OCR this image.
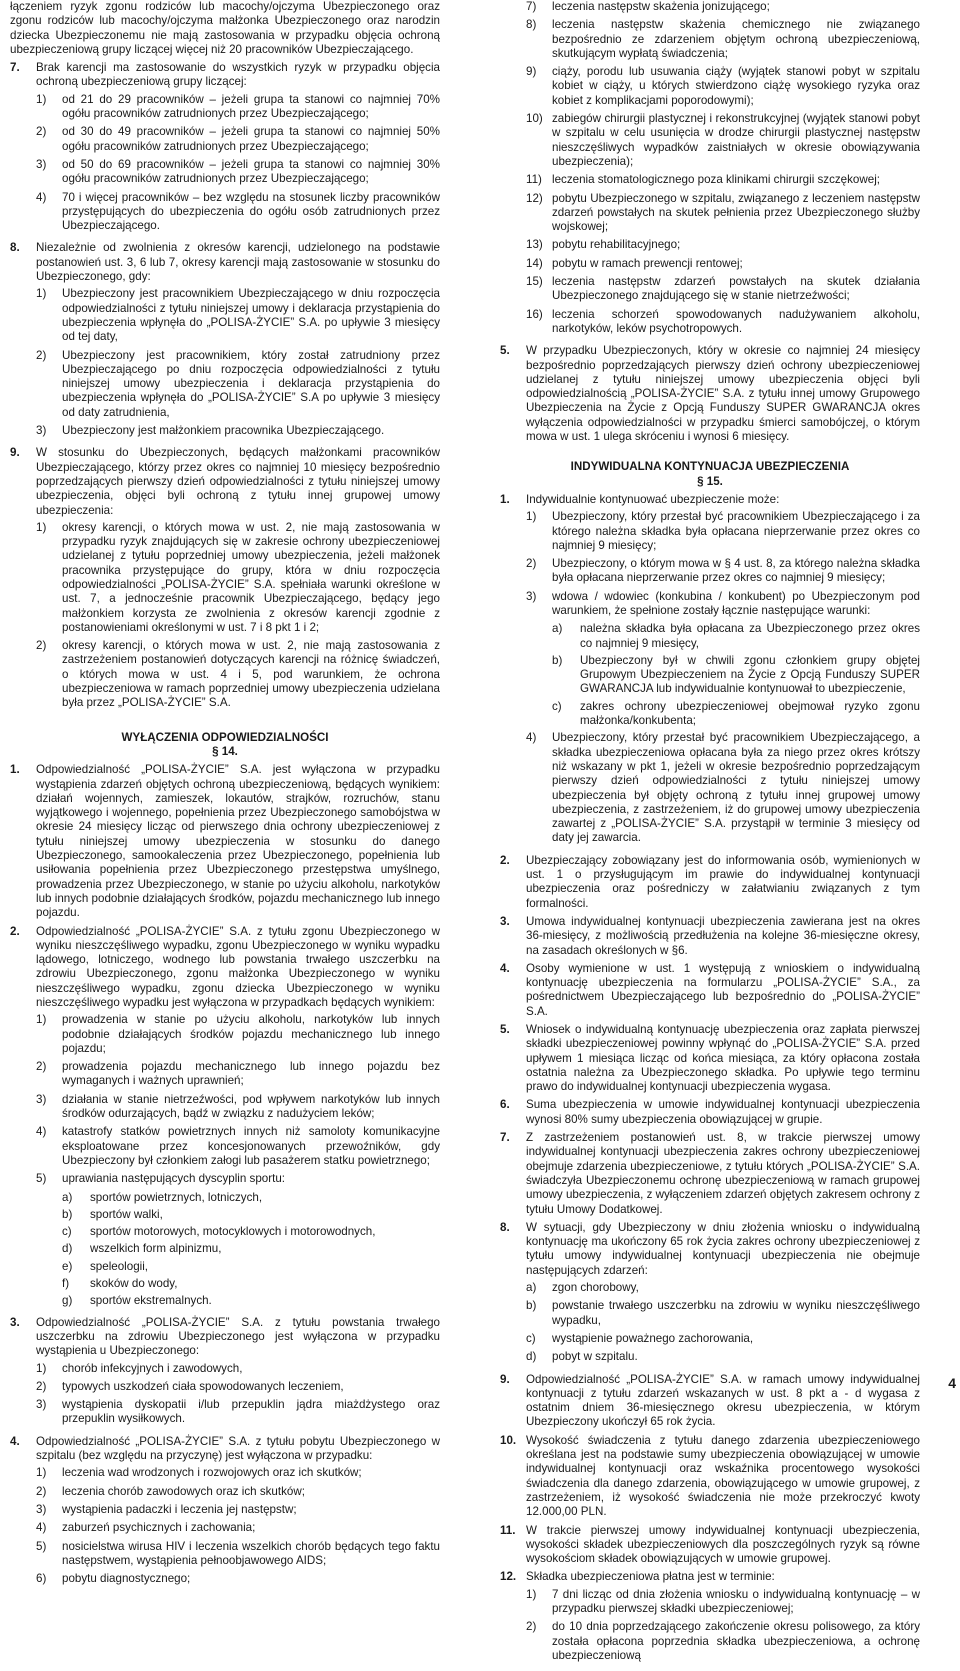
łączeniem ryzyk zgonu rodziców lub macochy/ojczyma Ubezpieczonego oraz zgonu rodziców lub macochy/ojczyma małżonka Ubezpieczonego oraz narodzin dziecka Ubezpieczonemu nie mają zastosowania w przypadku objęcia ochroną ubezpieczeniową grupy liczącej więcej niż 20 pracowników Ubezpieczającego.
7.	Brak karencji ma zastosowanie do wszystkich ryzyk w przypadku objęcia ochroną ubezpieczeniową grupy liczącej:
1)	od 21 do 29 pracowników – jeżeli grupa ta stanowi co najmniej 70% ogółu pracowników zatrudnionych przez Ubezpieczającego;
2)	od 30 do 49 pracowników – jeżeli grupa ta stanowi co najmniej 50% ogółu pracowników zatrudnionych przez Ubezpieczającego;
3)	od 50 do 69 pracowników – jeżeli grupa ta stanowi co najmniej 30% ogółu pracowników zatrudnionych przez Ubezpieczającego;
4)	70 i więcej pracowników – bez względu na stosunek liczby pracowników przystępujących do ubezpieczenia do ogółu osób zatrudnionych przez Ubezpieczającego.
8.	Niezależnie od zwolnienia z okresów karencji, udzielonego na podstawie postanowień ust. 3, 6 lub 7, okresy karencji mają zastosowanie w stosunku do Ubezpieczonego, gdy:
1)	Ubezpieczony jest pracownikiem Ubezpieczającego w dniu rozpoczęcia odpowiedzialności z tytułu niniejszej umowy i deklaracja przystąpienia do ubezpieczenia wpłynęła do „POLISA-ŻYCIE” S.A. po upływie 3 miesięcy od tej daty,
2)	Ubezpieczony jest pracownikiem, który został zatrudniony przez Ubezpieczającego po dniu rozpoczęcia odpowiedzialności z tytułu niniejszej umowy ubezpieczenia i deklaracja przystąpienia do ubezpieczenia wpłynęła do „POLISA-ŻYCIE” S.A po upływie 3 miesięcy od daty zatrudnienia,
3)	Ubezpieczony jest małżonkiem pracownika Ubezpieczającego.
9.	W stosunku do Ubezpieczonych, będących małżonkami pracowników Ubezpieczającego, którzy przez okres co najmniej 10 miesięcy bezpośrednio poprzedzających pierwszy dzień odpowiedzialności z tytułu niniejszej umowy ubezpieczenia, objęci byli ochroną z tytułu innej grupowej umowy ubezpieczenia:
1)	okresy karencji, o których mowa w ust. 2, nie mają zastosowania w przypadku ryzyk znajdujących się w zakresie ochrony ubezpieczeniowej udzielanej z tytułu poprzedniej umowy ubezpieczenia, jeżeli małżonek pracownika przystępujące do grupy, która w dniu rozpoczęcia odpowiedzialności „POLISA-ŻYCIE” S.A. spełniała warunki określone w ust. 7, a jednocześnie pracownik Ubezpieczającego, będący jego małżonkiem korzysta ze zwolnienia z okresów karencji zgodnie z postanowieniami określonymi w ust. 7 i 8 pkt 1 i 2;
2)	okresy karencji, o których mowa w ust. 2, nie mają zastosowania z zastrzeżeniem postanowień dotyczących karencji na różnicę świadczeń, o których mowa w ust. 4 i 5, pod warunkiem, że ochrona ubezpieczeniowa w ramach poprzedniej umowy ubezpieczenia udzielana była przez „POLISA-ŻYCIE” S.A.
WYŁĄCZENIA ODPOWIEDZIALNOŚCI
§ 14.
1.	Odpowiedzialność „POLISA-ŻYCIE” S.A. jest wyłączona w przypadku wystąpienia zdarzeń objętych ochroną ubezpieczeniową, będących wynikiem: działań wojennych, zamieszek, lokautów, strajków, rozruchów, stanu wyjątkowego i wojennego, popełnienia przez Ubezpieczonego samobójstwa w okresie 24 miesięcy licząc od pierwszego dnia ochrony ubezpieczeniowej z tytułu niniejszej umowy ubezpieczenia w stosunku do danego Ubezpieczonego, samookaleczenia przez Ubezpieczonego, popełnienia lub usiłowania popełnienia przez Ubezpieczonego przestępstwa umyślnego, prowadzenia przez Ubezpieczonego, w stanie po użyciu alkoholu, narkotyków lub innych podobnie działających środków, pojazdu mechanicznego lub innego pojazdu.
2.	Odpowiedzialność „POLISA-ŻYCIE” S.A. z tytułu zgonu Ubezpieczonego w wyniku nieszczęśliwego wypadku, zgonu Ubezpieczonego w wyniku wypadku lądowego, lotniczego, wodnego lub powstania trwałego uszczerbku na zdrowiu Ubezpieczonego, zgonu małżonka Ubezpieczonego w wyniku nieszczęśliwego wypadku, zgonu dziecka Ubezpieczonego w wyniku nieszczęśliwego wypadku jest wyłączona w przypadkach będących wynikiem:
1)	prowadzenia w stanie po użyciu alkoholu, narkotyków lub innych podobnie działających środków pojazdu mechanicznego lub innego pojazdu;
2)	prowadzenia pojazdu mechanicznego lub innego pojazdu bez wymaganych i ważnych uprawnień;
3)	działania w stanie nietrzeźwości, pod wpływem narkotyków lub innych środków odurzających, bądź w związku z nadużyciem leków;
4)	katastrofy statków powietrznych innych niż samoloty komunikacyjne eksploatowane przez koncesjonowanych przewoźników, gdy Ubezpieczony był członkiem załogi lub pasażerem statku powietrznego;
5)	uprawiania następujących dyscyplin sportu:
a)	sportów powietrznych, lotniczych,
b)	sportów walki,
c)	sportów motorowych, motocyklowych i motorowodnych,
d)	wszelkich form alpinizmu,
e)	speleologii,
f)	skoków do wody,
g)	sportów ekstremalnych.
3.	Odpowiedzialność „POLISA-ŻYCIE” S.A. z tytułu powstania trwałego uszczerbku na zdrowiu Ubezpieczonego jest wyłączona w przypadku wystąpienia u Ubezpieczonego:
1)	chorób infekcyjnych i zawodowych,
2)	typowych uszkodzeń ciała spowodowanych leczeniem,
3)	wystąpienia dyskopatii i/lub przepuklin jądra miażdżystego oraz przepuklin wysiłkowych.
4.	Odpowiedzialność „POLISA-ŻYCIE” S.A. z tytułu pobytu Ubezpieczonego w szpitalu (bez względu na przyczynę) jest wyłączona w przypadku:
1)	leczenia wad wrodzonych i rozwojowych oraz ich skutków;
2)	leczenia chorób zawodowych oraz ich skutków;
3)	wystąpienia padaczki i leczenia jej następstw;
4)	zaburzeń psychicznych i zachowania;
5)	nosicielstwa wirusa HIV i leczenia wszelkich chorób będących tego faktu następstwem, wystąpienia pełnoobjawowego AIDS;
6)	pobytu diagnostycznego;
7)	leczenia następstw skażenia jonizującego;
8)	leczenia następstw skażenia chemicznego nie związanego bezpośrednio ze zdarzeniem objętym ochroną ubezpieczeniową, skutkującym wypłatą świadczenia;
9)	ciąży, porodu lub usuwania ciąży (wyjątek stanowi pobyt w szpitalu kobiet w ciąży, u których stwierdzono ciążę wysokiego ryzyka oraz kobiet z komplikacjami poporodowymi);
10) zabiegów chirurgii plastycznej i rekonstrukcyjnej (wyjątek stanowi pobyt w szpitalu w celu usunięcia w drodze chirurgii plastycznej następstw nieszczęśliwych wypadków zaistniałych w okresie obowiązywania ubezpieczenia);
11) leczenia stomatologicznego poza klinikami chirurgii szczękowej;
12) pobytu Ubezpieczonego w szpitalu, związanego z leczeniem następstw zdarzeń powstałych na skutek pełnienia przez Ubezpieczonego służby wojskowej;
13) pobytu rehabilitacyjnego;
14) pobytu w ramach prewencji rentowej;
15) leczenia następstw zdarzeń powstałych na skutek działania Ubezpieczonego znajdującego się w stanie nietrzeźwości;
16) leczenia schorzeń spowodowanych nadużywaniem alkoholu, narkotyków, leków psychotropowych.
5.	W przypadku Ubezpieczonych, który w okresie co najmniej 24 miesięcy bezpośrednio poprzedzających pierwszy dzień ochrony ubezpieczeniowej udzielanej z tytułu niniejszej umowy ubezpieczenia objęci byli odpowiedzialnością „POLISA-ŻYCIE” S.A. z tytułu innej umowy Grupowego Ubezpieczenia na Życie z Opcją Funduszy SUPER GWARANCJA okres wyłączenia odpowiedzialności w przypadku śmierci samobójczej, o którym mowa w ust. 1 ulega skróceniu i wynosi 6 miesięcy.
INDYWIDUALNA KONTYNUACJA UBEZPIECZENIA
§ 15.
1.	Indywidualnie kontynuować ubezpieczenie może:
1)	Ubezpieczony, który przestał być pracownikiem Ubezpieczającego i za którego należna składka była opłacana nieprzerwanie przez okres co najmniej 9 miesięcy;
2)	Ubezpieczony, o którym mowa w § 4 ust. 8, za którego należna składka była opłacana nieprzerwanie przez okres co najmniej 9 miesięcy;
3)	wdowa / wdowiec (konkubina / konkubent) po Ubezpieczonym pod warunkiem, że spełnione zostały łącznie następujące warunki:
a)	należna składka była opłacana za Ubezpieczonego przez okres co najmniej 9 miesięcy,
b)	Ubezpieczony był w chwili zgonu członkiem grupy objętej Grupowym Ubezpieczeniem na Życie z Opcją Funduszy SUPER GWARANCJA lub indywidualnie kontynuował to ubezpieczenie,
c)	zakres ochrony ubezpieczeniowej obejmował ryzyko zgonu małżonka/konkubenta;
4)	Ubezpieczony, który przestał być pracownikiem Ubezpieczającego, a składka ubezpieczeniowa opłacana była za niego przez okres krótszy niż wskazany w pkt 1, jeżeli w okresie bezpośrednio poprzedzającym pierwszy dzień odpowiedzialności z tytułu niniejszej umowy ubezpieczenia był objęty ochroną z tytułu innej grupowej umowy ubezpieczenia, z zastrzeżeniem, iż do grupowej umowy ubezpieczenia zawartej z „POLISA-ŻYCIE” S.A. przystąpił w terminie 3 miesięcy od daty jej zawarcia.
2.	Ubezpieczający zobowiązany jest do informowania osób, wymienionych w ust. 1 o przysługującym im prawie do indywidualnej kontynuacji ubezpieczenia oraz pośredniczy w załatwianiu związanych z tym formalności.
3.	Umowa indywidualnej kontynuacji ubezpieczenia zawierana jest na okres 36-miesięcy, z możliwością przedłużenia na kolejne 36-miesięczne okresy, na zasadach określonych w §6.
4.	Osoby wymienione w ust. 1 występują z wnioskiem o indywidualną kontynuację ubezpieczenia na formularzu „POLISA-ŻYCIE” S.A., za pośrednictwem Ubezpieczającego lub bezpośrednio do „POLISA-ŻYCIE” S.A.
5.	Wniosek o indywidualną kontynuację ubezpieczenia oraz zapłata pierwszej składki ubezpieczeniowej powinny wpłynąć do „POLISA-ŻYCIE” S.A. przed upływem 1 miesiąca licząc od końca miesiąca, za który opłacona została ostatnia należna za Ubezpieczonego składka. Po upływie tego terminu prawo do indywidualnej kontynuacji ubezpieczenia wygasa.
6.	Suma ubezpieczenia w umowie indywidualnej kontynuacji ubezpieczenia wynosi 80% sumy ubezpieczenia obowiązującej w grupie.
7.	Z zastrzeżeniem postanowień ust. 8, w trakcie pierwszej umowy indywidualnej kontynuacji ubezpieczenia zakres ochrony ubezpieczeniowej obejmuje zdarzenia ubezpieczeniowe, z tytułu których „POLISA-ŻYCIE” S.A. świadczyła Ubezpieczonemu ochronę ubezpieczeniową w ramach grupowej umowy ubezpieczenia, z wyłączeniem zdarzeń objętych zakresem ochrony z tytułu Umowy Dodatkowej.
8.	W sytuacji, gdy Ubezpieczony w dniu złożenia wniosku o indywidualną kontynuację ma ukończony 65 rok życia zakres ochrony ubezpieczeniowej z tytułu umowy indywidualnej kontynuacji ubezpieczenia nie obejmuje następujących zdarzeń:
a)	zgon chorobowy,
b)	powstanie trwałego uszczerbku na zdrowiu w wyniku nieszczęśliwego wypadku,
c)	wystąpienie poważnego zachorowania,
d)	pobyt w szpitalu.
9.	Odpowiedzialność „POLISA-ŻYCIE” S.A. w ramach umowy indywidualnej kontynuacji z tytułu zdarzeń wskazanych w ust. 8 pkt a - d wygasa z ostatnim dniem 36-miesięcznego okresu ubezpieczenia, w którym Ubezpieczony ukończył 65 rok życia.
10. Wysokość świadczenia z tytułu danego zdarzenia ubezpieczeniowego określana jest na podstawie sumy ubezpieczenia obowiązującej w umowie indywidualnej kontynuacji oraz wskaźnika procentowego wysokości świadczenia dla danego zdarzenia, obowiązującego w umowie grupowej, z zastrzeżeniem, iż wysokość świadczenia nie może przekroczyć kwoty 12.000,00 PLN.
11. W trakcie pierwszej umowy indywidualnej kontynuacji ubezpieczenia, wysokości składek ubezpieczeniowych dla poszczególnych ryzyk są równe wysokościom składek obowiązujących w umowie grupowej.
12. Składka ubezpieczeniowa płatna jest w terminie:
1)	7 dni licząc od dnia złożenia wniosku o indywidualną kontynuację – w przypadku pierwszej składki ubezpieczeniowej;
2)	do 10 dnia poprzedzającego zakończenie okresu polisowego, za który została opłacona poprzednia składka ubezpieczeniowa, a ochronę ubezpieczeniową
4
